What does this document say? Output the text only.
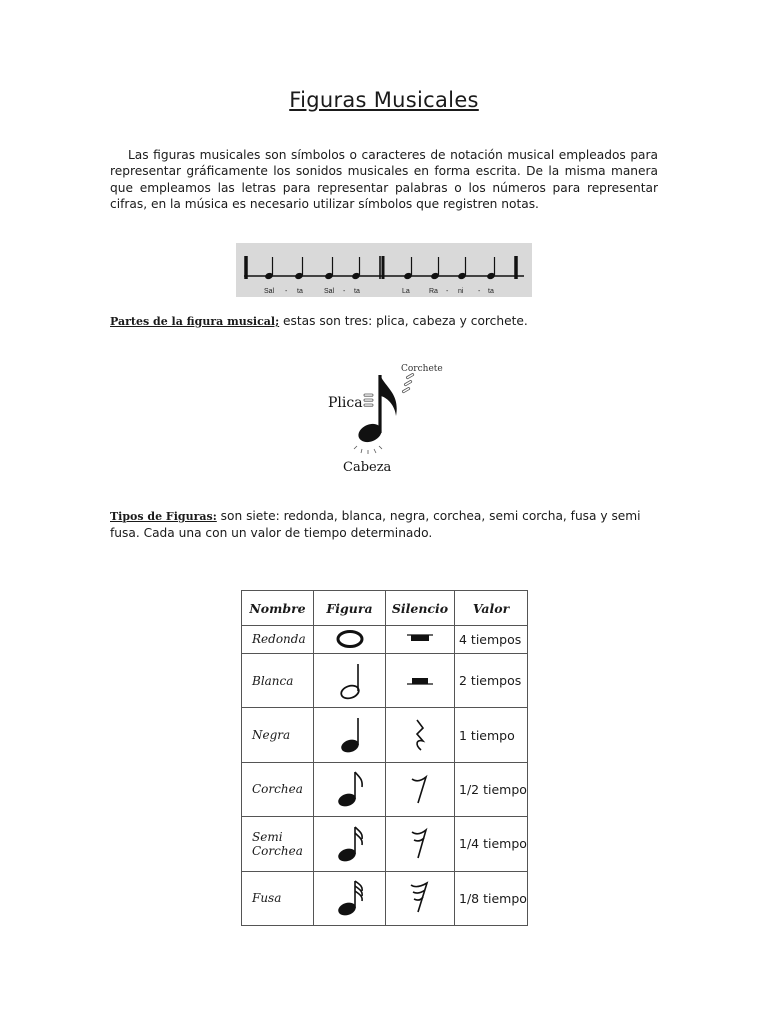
Figuras Musicales

Las figuras musicales son símbolos o caracteres de notación musical empleados para representar gráficamente los sonidos musicales en forma escrita. De la misma manera que empleamos las letras para representar palabras o los números para representar cifras, en la música es necesario utilizar símbolos que registren notas.

Sal - ta	Sal - ta	La	Ra - ni - ta

Partes de la figura musical; estas son tres: plica, cabeza y corchete.

Plica
Corchete
Cabeza

Tipos de Figuras: son siete: redonda, blanca, negra, corchea, semi corcha, fusa y semi fusa. Cada una con un valor de tiempo determinado.

Nombre	Figura	Silencio	Valor
Redonda			4 tiempos
Blanca			2 tiempos
Negra			1 tiempo
Corchea			1/2 tiempo
Semi Corchea			1/4 tiempo
Fusa			1/8 tiempo
